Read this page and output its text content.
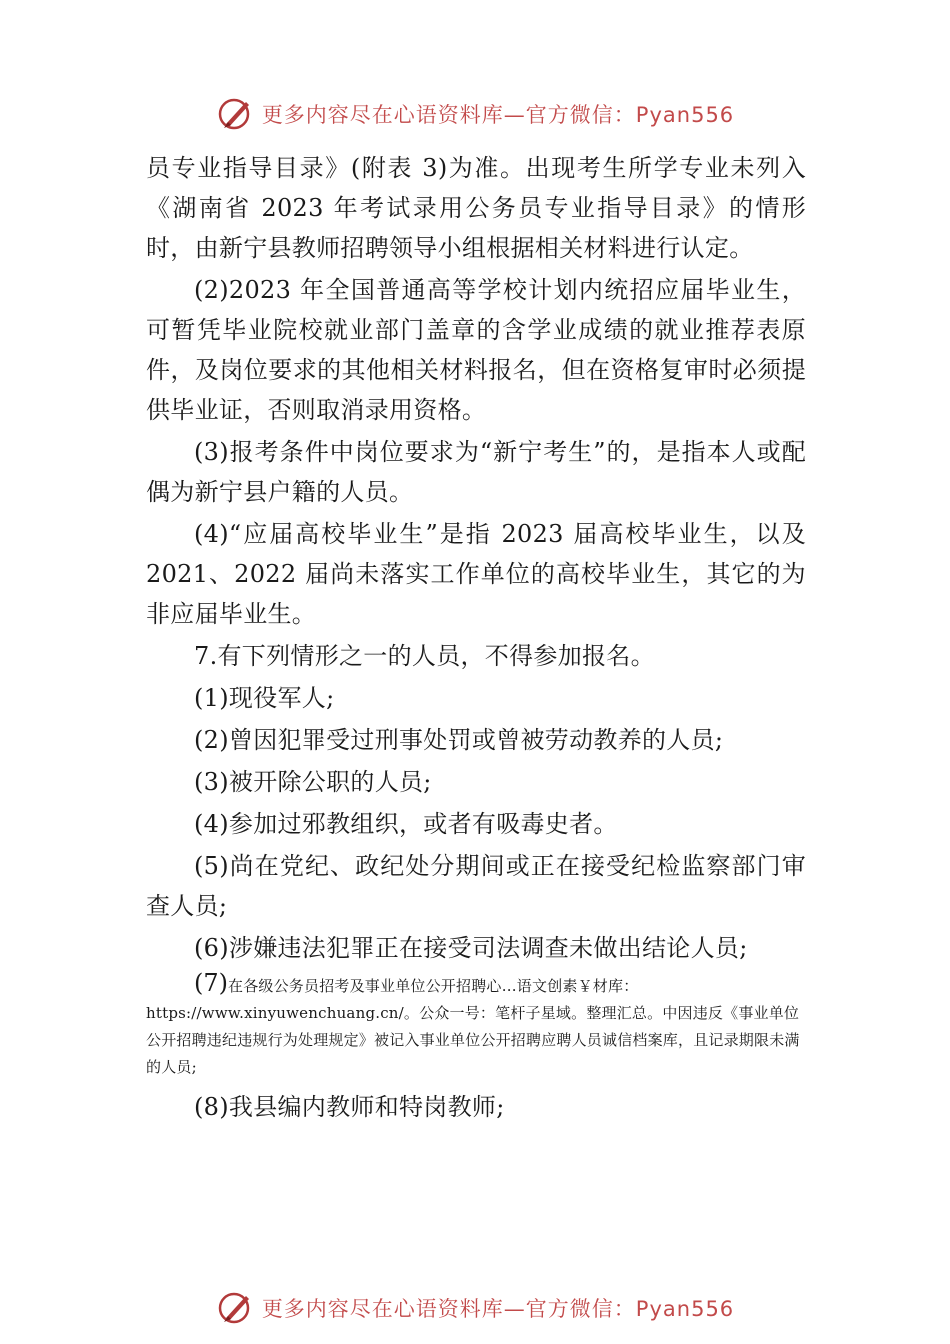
更多内容尽在心语资料库—官方微信：Pyan556

员专业指导目录》(附表 3)为准。出现考生所学专业未列入《湖南省 2023 年考试录用公务员专业指导目录》的情形时，由新宁县教师招聘领导小组根据相关材料进行认定。

(2)2023 年全国普通高等学校计划内统招应届毕业生，可暂凭毕业院校就业部门盖章的含学业成绩的就业推荐表原件，及岗位要求的其他相关材料报名，但在资格复审时必须提供毕业证，否则取消录用资格。

(3)报考条件中岗位要求为“新宁考生”的，是指本人或配偶为新宁县户籍的人员。

(4)“应届高校毕业生”是指 2023 届高校毕业生，以及2021、2022 届尚未落实工作单位的高校毕业生，其它的为非应届毕业生。

7.有下列情形之一的人员，不得参加报名。

(1)现役军人;

(2)曾因犯罪受过刑事处罚或曾被劳动教养的人员;

(3)被开除公职的人员;

(4)参加过邪教组织，或者有吸毒史者。

(5)尚在党纪、政纪处分期间或正在接受纪检监察部门审查人员;

(6)涉嫌违法犯罪正在接受司法调查未做出结论人员;

(7)在各级公务员招考及事业单位公开招聘心…语文创素￥材库：https://www.xinyuwenchuang.cn/。公众一号：笔杆子星域。整理汇总。中因违反《事业单位公开招聘违纪违规行为处理规定》被记入事业单位公开招聘应聘人员诚信档案库，且记录期限未满的人员;

(8)我县编内教师和特岗教师;

更多内容尽在心语资料库—官方微信：Pyan556
